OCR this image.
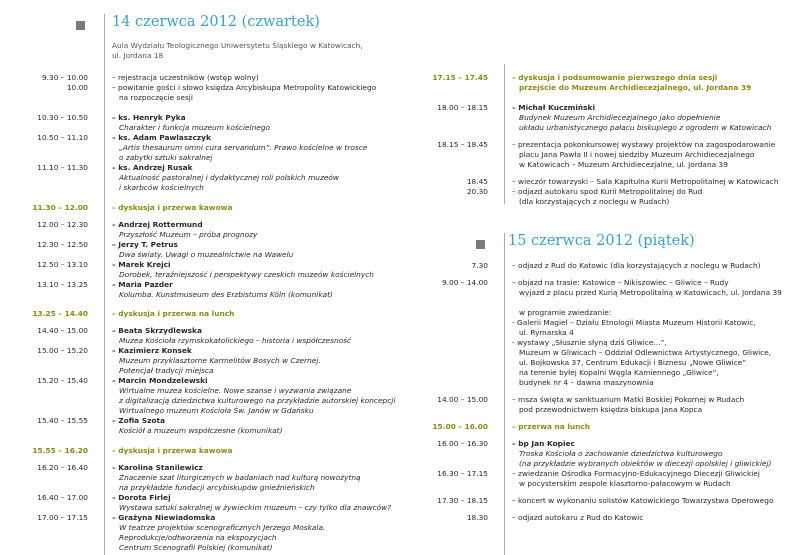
14 czerwca 2012 (czwartek)
Aula Wydziału Teologicznego Uniwersytetu Śląskiego w Katowicach,
ul. Jordana 18
9.30 – 10.00	– rejestracja uczestników (wstęp wolny)
10.00	– powitanie gości i słowo księdza Arcybiskupa Metropolity Katowickiego
na rozpoczęcie sesji
10.30 – 10.50	– ks. Henryk Pyka
Charakter i funkcja muzeum kościelnego
10.50 – 11.10	– ks. Adam Pawlaszczyk
„Artis thesaurum omni cura servandum”. Prawo kościelne w trosce
o zabytki sztuki sakralnej
11.10 – 11.30	– ks. Andrzej Rusak
Aktualność pastoralnej i dydaktycznej roli polskich muzeów
i skarbców kościelnych
11.30 – 12.00	– dyskusja i przerwa kawowa
12.00 – 12.30	– Andrzej Rottermund
Przyszłość Muzeum – próba prognozy
12.30 – 12.50	– Jerzy T. Petrus
Dwa światy. Uwagi o muzealnictwie na Wawelu
12.50 – 13.10	– Marek Krejci
Dorobek, teraźniejszość i perspektywy czeskich muzeów kościelnych
13.10 – 13.25	– Maria Pazder
Kolumba. Kunstmuseum des Erzbistums Köln (komunikat)
13.25 – 14.40	– dyskusja i przerwa na lunch
14.40 – 15.00	– Beata Skrzydlewska
Muzea Kościoła rzymskokatolickiego – historia i współczesność
15.00 – 15.20	– Kazimierz Konsek
Muzeum przyklasztorne Karmelitów Bosych w Czernej.
Potencjał tradycji miejsca
15.20 – 15.40	– Marcin Mondzelewski
Wirtualne muzea kościelne. Nowe szanse i wyzwania związane
z digitalizacją dziedzictwa kulturowego na przykładzie autorskiej koncepcji
Wirtualnego muzeum Kościoła Św. Janów w Gdańsku
15.40 – 15.55	– Zofia Szota
Kościół a muzeum współczesne (komunikat)
15.55 – 16.20	– dyskusja i przerwa kawowa
16.20 – 16.40	– Karolina Stanilewicz
Znaczenie szat liturgicznych w badaniach nad kulturą nowożytną
na przykładzie fundacji arcybiskupów gnieźnieńskich
16.40 – 17.00	– Dorota Firlej
Wystawa sztuki sakralnej w żywieckim muzeum – czy tylko dla znawców?
17.00 – 17.15	– Grażyna Niewiadomska
W teatrze projektów scenograficznych Jerzego Moskala.
Reprodukcje/odtworzenia na ekspozycjach
Centrum Scenografii Polskiej (komunikat)
17.15 – 17.45	– dyskusja i podsumowanie pierwszego dnia sesji
przejście do Muzeum Archidiecezjalnego, ul. Jordana 39
18.00 – 18.15	– Michał Kuczmiński
Budynek Muzeum Archidiecezjalnego jako dopełnienie
układu urbanistycznego pałacu biskupiego z ogrodem w Katowicach
18.15 – 18.45	– prezentacja pokonkursowej wystawy projektów na zagospodarowanie
placu Jana Pawła II i nowej siedziby Muzeum Archidiecezjalnego
w Katowicach – Muzeum Archidiecezjalne, ul. Jordana 39
18.45	– wieczór towarzyski – Sala Kapitulna Kurii Metropolitalnej w Katowicach
20.30	– odjazd autokaru spod Kurii Metropolitalnej do Rud
(dla korzystających z noclegu w Rudach)
15 czerwca 2012 (piątek)
7.30	– odjazd z Rud do Katowic (dla korzystających z noclegu w Rudach)
9.00 – 14.00	– objazd na trasie: Katowice – Nikiszowiec – Gliwice – Rudy
wyjazd z placu przed Kurią Metropolitalną w Katowicach, ul. Jordana 39
w programie zwiedzanie:
- Galerii Magiel – Działu Etnologii Miasta Muzeum Historii Katowic,
ul. Rymarska 4
- wystawy „Słusznie słyną dziś Gliwice...”,
Muzeum w Gliwicach – Oddział Odlewnictwa Artystycznego, Gliwice,
ul. Bojkowska 37, Centrum Edukacji i Biznesu „Nowe Gliwice”
na terenie byłej Kopalni Węgla Kamiennego „Gliwice”,
budynek nr 4 – dawna maszynownia
14.00 – 15.00	– msza święta w sanktuarium Matki Boskiej Pokornej w Rudach
pod przewodnictwem księdza biskupa Jana Kopca
15.00 – 16.00	– przerwa na lunch
16.00 – 16.30	– bp Jan Kopiec
Troska Kościoła o zachowanie dziedzictwa kulturowego
(na przykładzie wybranych obiektów w diecezji opolskiej i gliwickiej)
16.30 – 17.15	– zwiedzanie Ośrodka Formacyjno-Edukacyjnego Diecezji Gliwickiej
w pocysterskim zespole klasztorno-pałacowym w Rudach
17.30 – 18.15	– koncert w wykonaniu solistów Katowickiego Towarzystwa Operowego
18.30	– odjazd autokaru z Rud do Katowic
